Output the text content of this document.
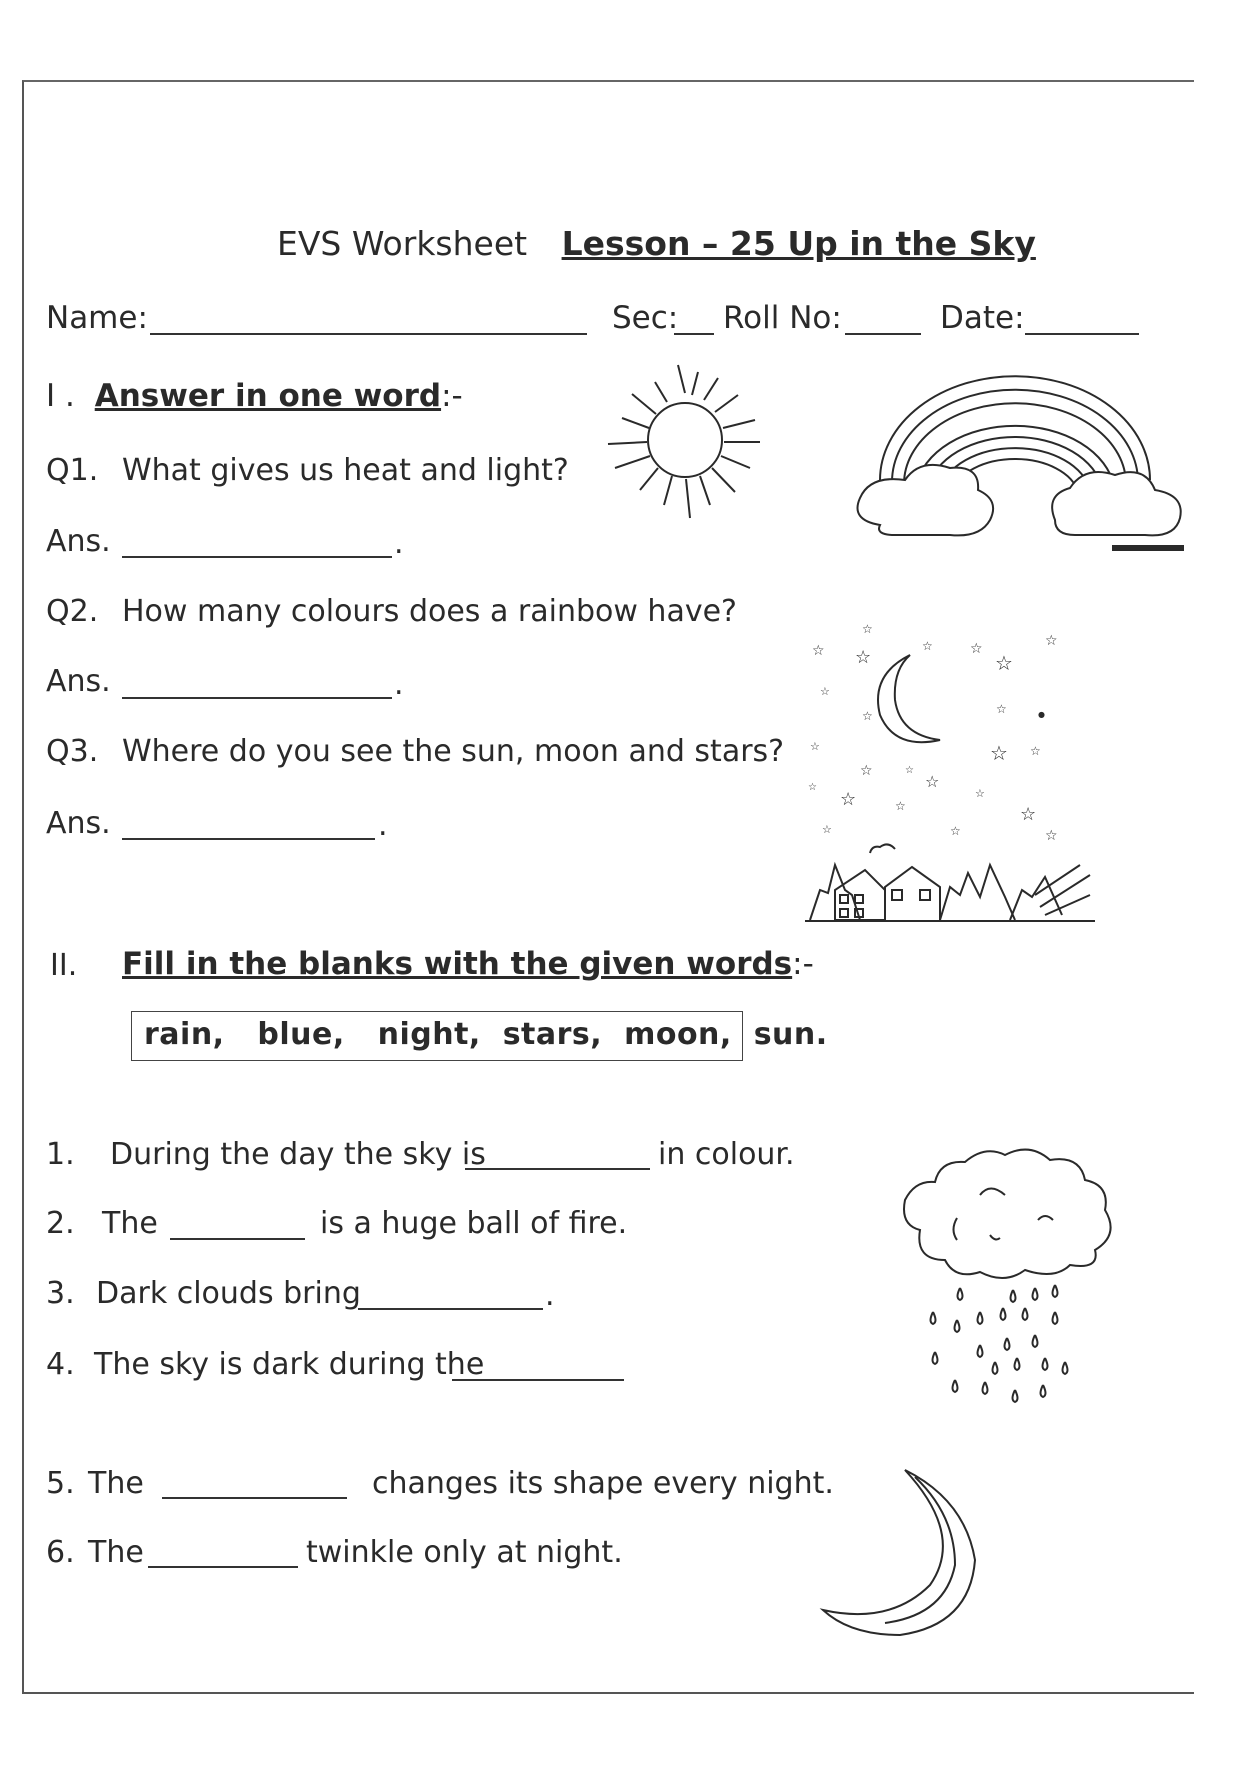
EVS Worksheet Lesson – 25 Up in the Sky
Name:	Sec: Roll No:	Date:
I . Answer in one word:-
Q1. What gives us heat and light?
Ans.	.
Q2. How many colours does a rainbow have?
Ans.	.
Q3. Where do you see the sun, moon and stars?
Ans.	.
II. Fill in the blanks with the given words:-
rain,   blue,   night,  stars,  moon,  sun.
1. During the day the sky is	in colour.
2. The	is a huge ball of fire.
3. Dark clouds bring	.
4. The sky is dark during the
5. The	changes its shape every night.
6. The	twinkle only at night.
☆ ☆
☆
☆	☆
☆
☆
☆
☆	☆	●
☆	☆ ☆
☆	☆
☆
☆
☆	☆
☆
☆
☆	☆	☆
